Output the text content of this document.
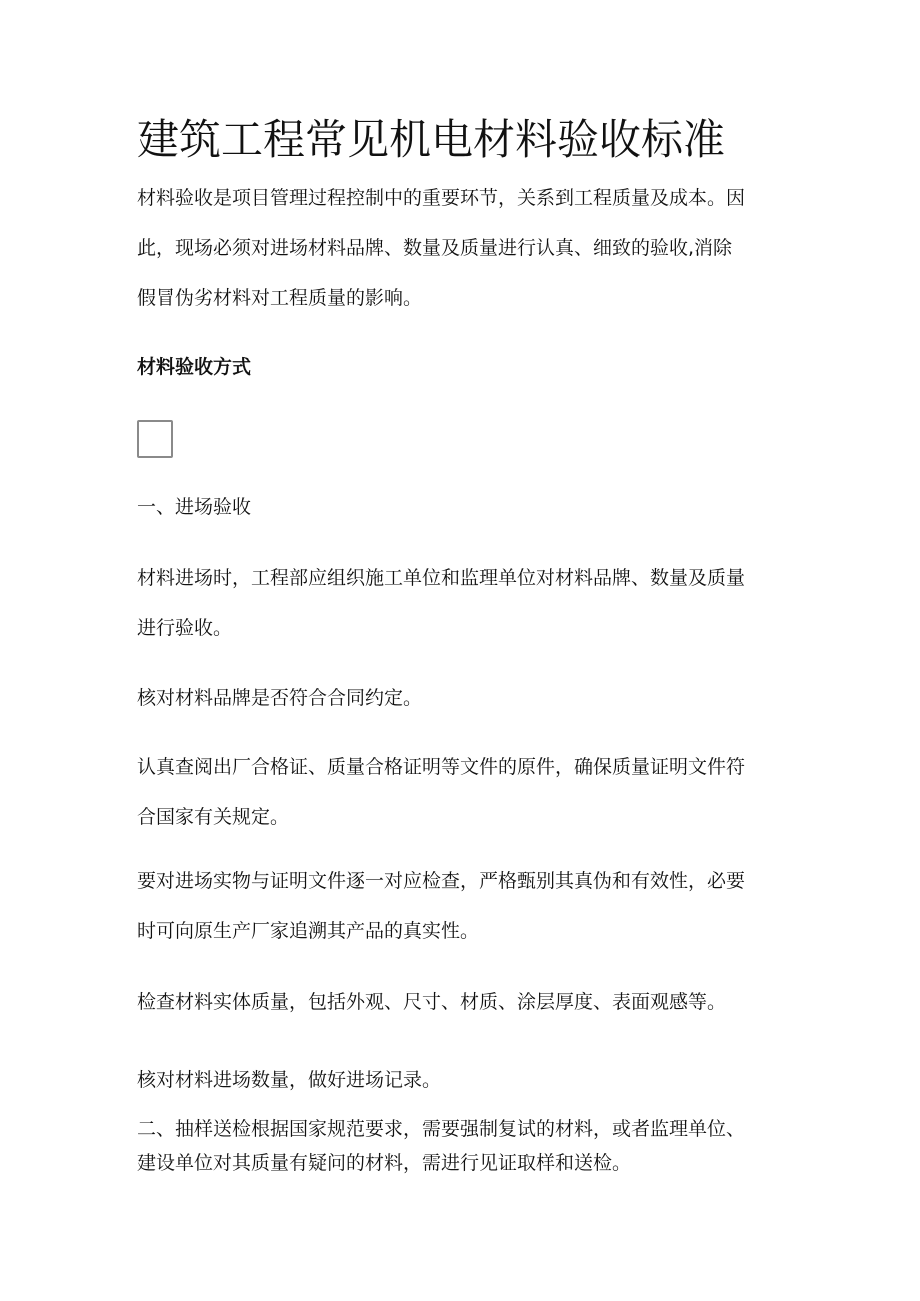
建筑工程常见机电材料验收标准
材料验收是项目管理过程控制中的重要环节，关系到工程质量及成本。因
此，现场必须对进场材料品牌、数量及质量进行认真、细致的验收,消除
假冒伪劣材料对工程质量的影响。
材料验收方式

一、进场验收

材料进场时，工程部应组织施工单位和监理单位对材料品牌、数量及质量
进行验收。

核对材料品牌是否符合合同约定。

认真查阅出厂合格证、质量合格证明等文件的原件，确保质量证明文件符
合国家有关规定。
要对进场实物与证明文件逐一对应检查，严格甄别其真伪和有效性，必要
时可向原生产厂家追溯其产品的真实性。

检查材料实体质量，包括外观、尺寸、材质、涂层厚度、表面观感等。

核对材料进场数量，做好进场记录。

二、抽样送检根据国家规范要求，需要强制复试的材料，或者监理单位、
建设单位对其质量有疑问的材料，需进行见证取样和送检。
